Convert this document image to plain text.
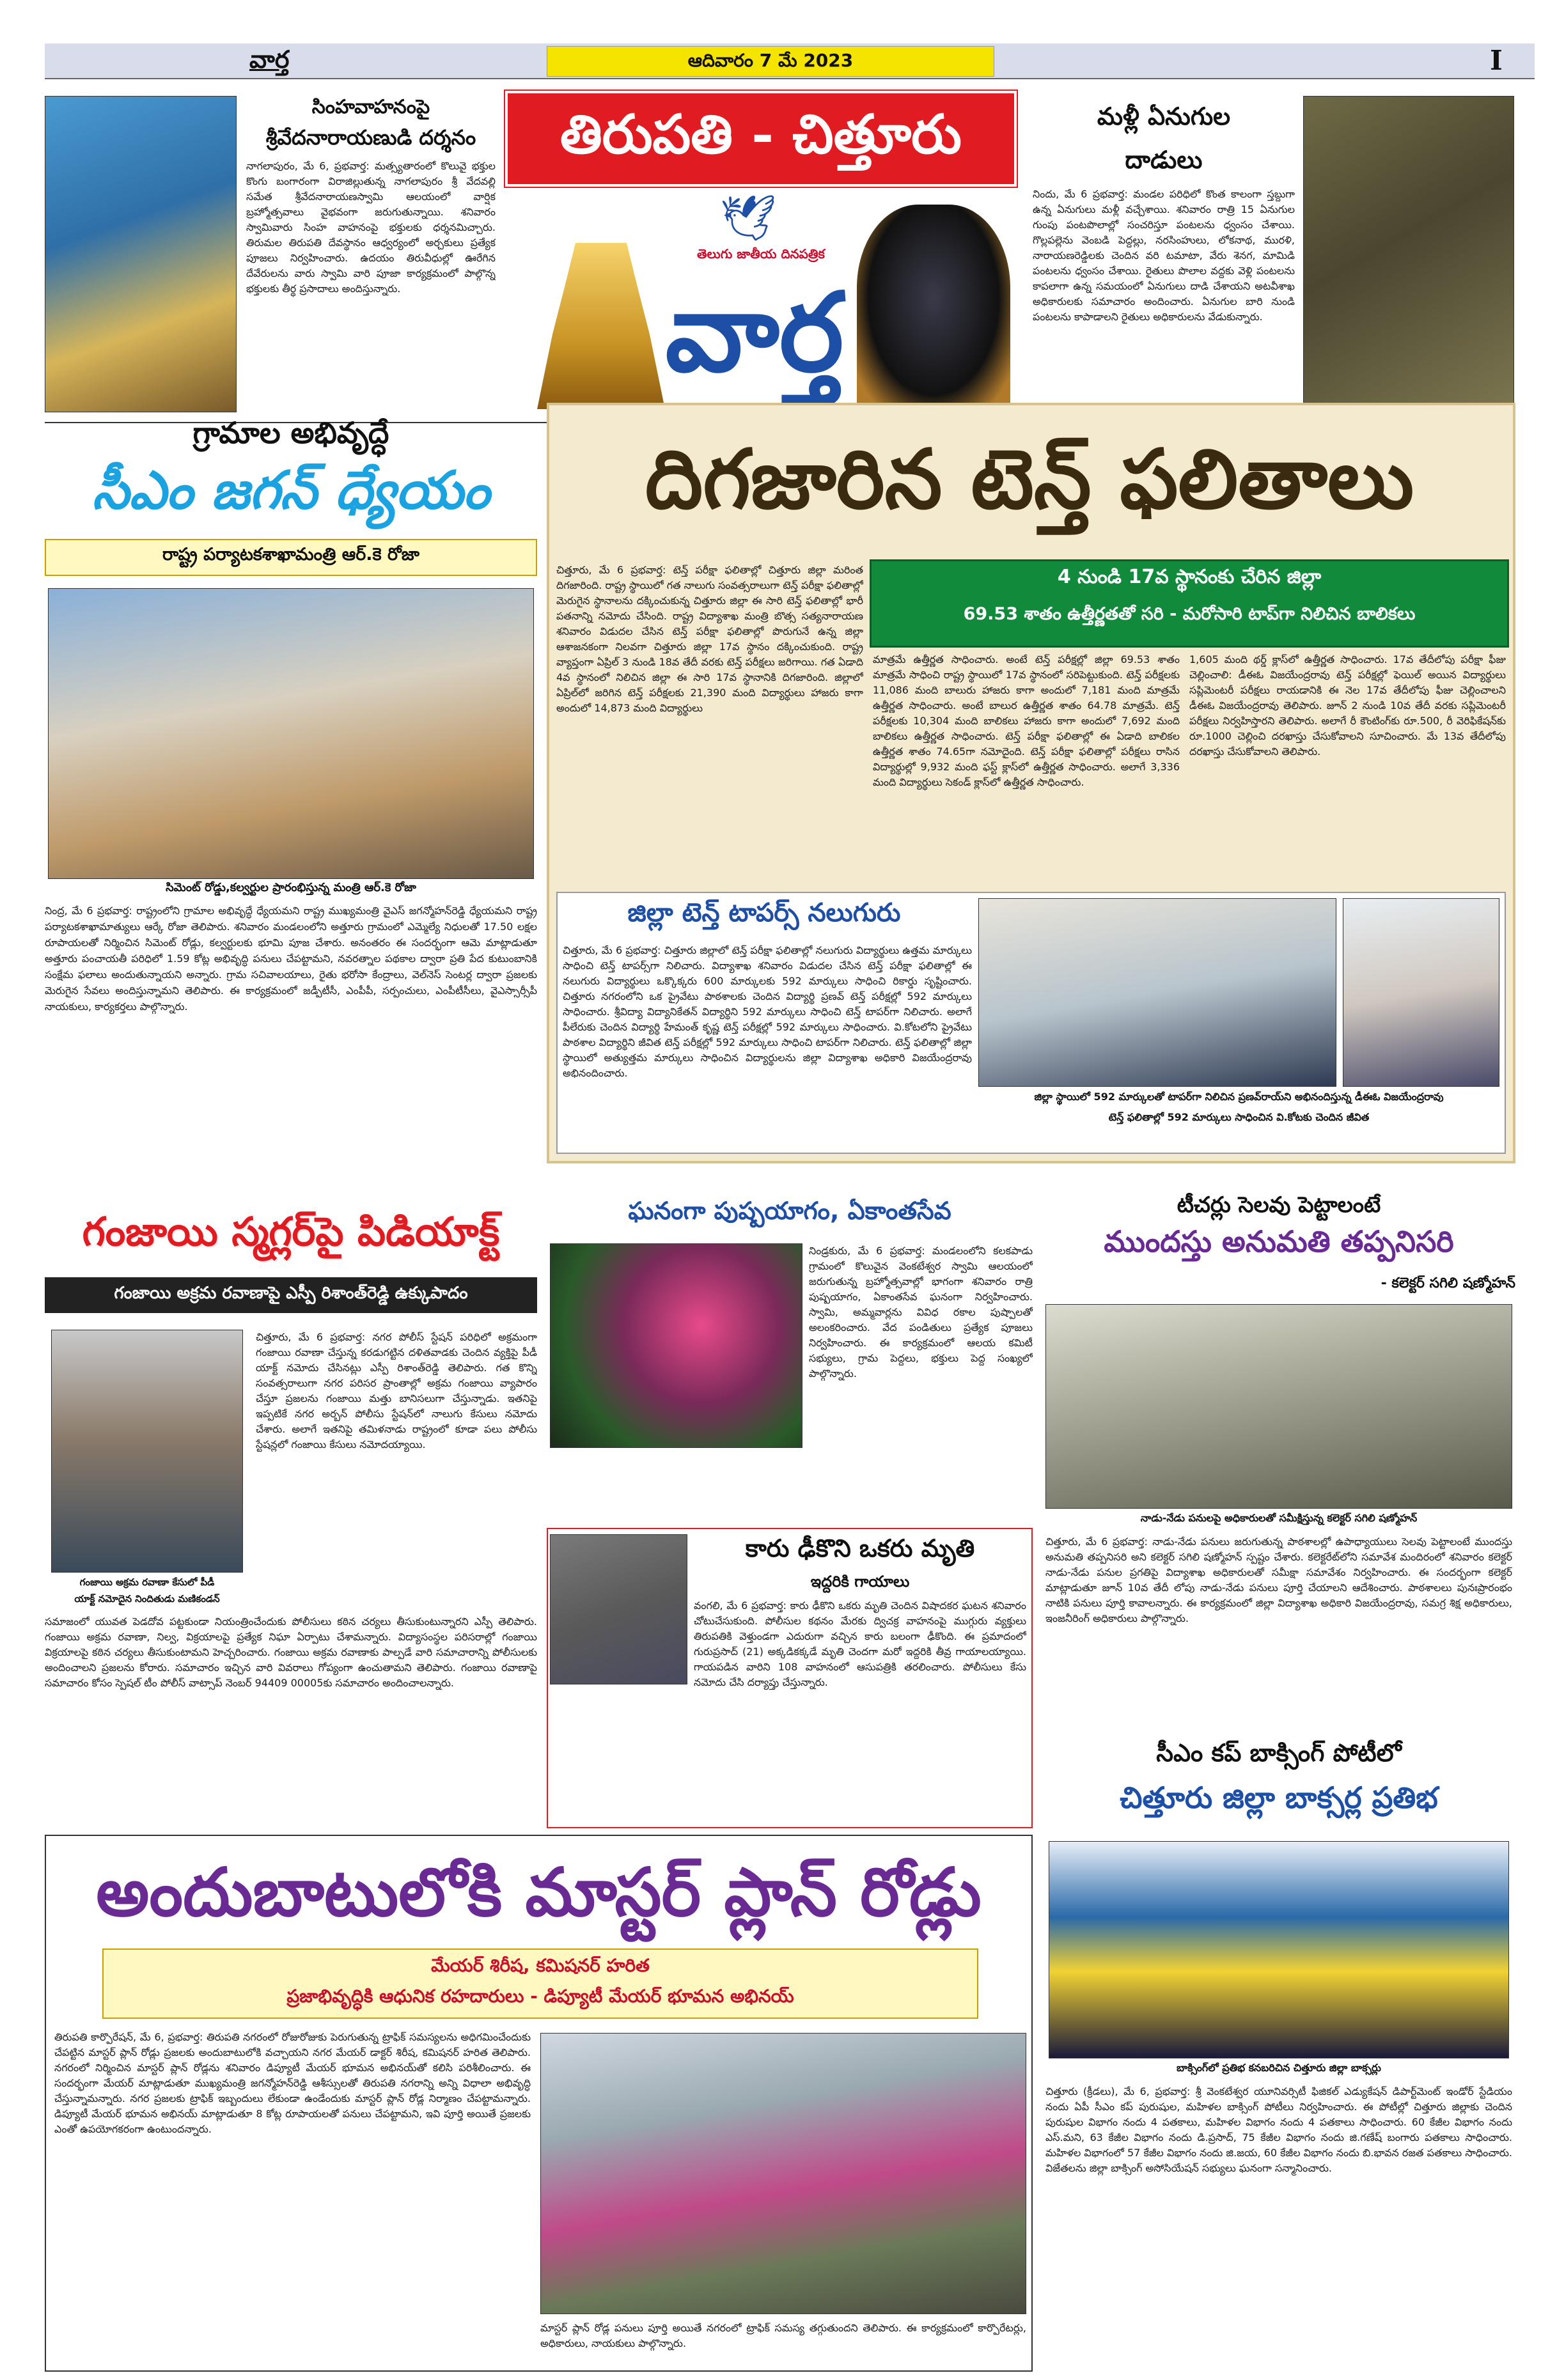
వార్త	ఆదివారం 7 మే 2023	I
సింహవాహనంపై
శ్రీవేదనారాయణుడి దర్శనం
నాగలాపురం, మే 6, ప్రభవార్త: మత్స్యతారంలో కొలువై భక్తుల కొంగు బంగారంగా విరాజిల్లుతున్న నాగలాపురం శ్రీ వేదవల్లి సమేత శ్రీవేదనారాయణస్వామి ఆలయంలో వార్షిక బ్రహ్మోత్సవాలు వైభవంగా జరుగుతున్నాయి. శనివారం స్వామివారు సింహ వాహనంపై భక్తులకు ధర్శనమిచ్చారు. తిరుమల తిరుపతి దేవస్థానం ఆధ్వర్యంలో అర్చకులు ప్రత్యేక పూజలు నిర్వహించారు. ఉదయం తిరువీధుల్లో ఊరేగిన దేవేరులను వారు స్వామి వారి పూజా కార్యక్రమంలో పాల్గొన్న భక్తులకు తీర్థ ప్రసాదాలు అందిస్తున్నారు.
తిరుపతి - చిత్తూరు
🕊
తెలుగు జాతీయ దినపత్రిక
వార్త
మళ్లీ ఏనుగుల
దాడులు
నిందు, మే 6 ప్రభవార్త: మండల పరిధిలో కొంత కాలంగా స్తబ్దుగా ఉన్న ఏనుగులు మళ్లీ వచ్చేశాయి. శనివారం రాత్రి 15 ఏనుగుల గుంపు పంటపొలాల్లో సంచరిస్తూ పంటలను ధ్వంసం చేశాయి. గొల్లపల్లెను వెంబడి పెద్దల్లు, నరసింహులు, లోకనాథ, మురళి, నారాయణరెడ్డిలకు చెందిన వరి టమాటా, వేరు శెనగ, మామిడి పంటలను ధ్వంసం చేశాయి. రైతులు పొలాల వద్దకు వెళ్లి పంటలను కాపలాగా ఉన్న సమయంలో ఏనుగులు దాడి చేశాయని అటవీశాఖ అధికారులకు సమాచారం అందించారు. ఏనుగుల బారి నుండి పంటలను కాపాడాలని రైతులు అధికారులను వేడుకున్నారు.
గ్రామాల అభివృద్ధే
సీఎం జగన్ ధ్యేయం
రాష్ట్ర పర్యాటకశాఖామంత్రి ఆర్.కె రోజా
సిమెంట్ రోడ్డు,కల్వర్టుల ప్రారంభిస్తున్న మంత్రి ఆర్.కె రోజా
నింద్ర, మే 6 ప్రభవార్త: రాష్ట్రంలోని గ్రామాల అభివృద్ధే ధ్యేయమని రాష్ట్ర ముఖ్యమంత్రి వైఎస్ జగన్మోహన్‌రెడ్డి ధ్యేయమని రాష్ట్ర పర్యాటకశాఖామాత్యులు ఆర్కే రోజా తెలిపారు. శనివారం మండలంలోని అత్తూరు గ్రామంలో ఎమ్మెల్యే నిధులతో 17.50 లక్షల రూపాయలతో నిర్మించిన సిమెంట్ రోడ్లు, కల్వర్టులకు భూమి పూజ చేశారు. అనంతరం ఈ సందర్భంగా ఆమె మాట్లాడుతూ అత్తూరు పంచాయతీ పరిధిలో 1.59 కోట్ల అభివృద్ధి పనులు చేపట్టామని, నవరత్నాల పథకాల ద్వారా ప్రతి పేద కుటుంబానికి సంక్షేమ ఫలాలు అందుతున్నాయని అన్నారు. గ్రామ సచివాలయాలు, రైతు భరోసా కేంద్రాలు, వెల్‌నెస్ సెంటర్ల ద్వారా ప్రజలకు మెరుగైన సేవలు అందిస్తున్నామని తెలిపారు. ఈ కార్యక్రమంలో జడ్పీటీసీ, ఎంపీపీ, సర్పంచులు, ఎంపీటీసీలు, వైఎస్సార్సీపీ నాయకులు, కార్యకర్తలు పాల్గొన్నారు.
దిగజారిన టెన్త్ ఫలితాలు
చిత్తూరు, మే 6 ప్రభవార్త: టెన్త్ పరీక్షా ఫలితాల్లో చిత్తూరు జిల్లా మరింత దిగజారింది. రాష్ట్ర స్థాయిలో గత నాలుగు సంవత్సరాలుగా టెన్త్ పరీక్షా ఫలితాల్లో మెరుగైన స్థానాలను దక్కించుకున్న చిత్తూరు జిల్లా ఈ సారి టెన్త్ ఫలితాల్లో భారీ పతనాన్ని నమోదు చేసింది. రాష్ట్ర విద్యాశాఖ మంత్రి బొత్స సత్యనారాయణ శనివారం విడుదల చేసిన టెన్త్ పరీక్షా ఫలితాల్లో పొరుగునే ఉన్న జిల్లా ఆశాజనకంగా నిలవగా చిత్తూరు జిల్లా 17వ స్థానం దక్కించుకుంది. రాష్ట్ర వ్యాప్తంగా ఏప్రిల్ 3 నుండి 18వ తేదీ వరకు టెన్త్ పరీక్షలు జరిగాయి. గత ఏడాది 4వ స్థానంలో నిలిచిన జిల్లా ఈ సారి 17వ స్థానానికి దిగజారింది. జిల్లాలో ఏప్రిల్‌లో జరిగిన టెన్త్ పరీక్షలకు 21,390 మంది విద్యార్థులు హాజరు కాగా అందులో 14,873 మంది విద్యార్థులు
4 నుండి 17వ స్థానంకు చేరిన జిల్లా
69.53 శాతం ఉత్తీర్ణతతో సరి - మరోసారి టాప్‌గా నిలిచిన బాలికలు
మాత్రమే ఉత్తీర్ణత సాధించారు. అంటే టెన్త్ పరీక్షల్లో జిల్లా 69.53 శాతం మాత్రమే సాధించి రాష్ట్ర స్థాయిలో 17వ స్థానంలో సరిపెట్టుకుంది. టెన్త్ పరీక్షలకు 11,086 మంది బాలురు హాజరు కాగా అందులో 7,181 మంది మాత్రమే ఉత్తీర్ణత సాధించారు. అంటే బాలుర ఉత్తీర్ణత శాతం 64.78 మాత్రమే. టెన్త్ పరీక్షలకు 10,304 మంది బాలికలు హాజరు కాగా అందులో 7,692 మంది బాలికలు ఉత్తీర్ణత సాధించారు. టెన్త్ పరీక్షా ఫలితాల్లో ఈ ఏడాది బాలికల ఉత్తీర్ణత శాతం 74.65గా నమోదైంది. టెన్త్ పరీక్షా ఫలితాల్లో పరీక్షలు రాసిన విద్యార్థుల్లో 9,932 మంది ఫస్ట్ క్లాస్‌లో ఉత్తీర్ణత సాధించారు. అలాగే 3,336 మంది విద్యార్థులు సెకండ్ క్లాస్‌లో ఉత్తీర్ణత సాధించారు.
1,605 మంది థర్డ్ క్లాస్‌లో ఉత్తీర్ణత సాధించారు. 17వ తేదీలోపు పరీక్షా ఫీజు చెల్లించాలి: డీఈఓ విజయేంద్రరావు టెన్త్ పరీక్షల్లో ఫెయిల్ అయిన విద్యార్థులు సప్లిమెంటరీ పరీక్షలు రాయడానికి ఈ నెల 17వ తేదీలోపు ఫీజు చెల్లించాలని డీఈఓ విజయేంద్రరావు తెలిపారు. జూన్ 2 నుండి 10వ తేదీ వరకు సప్లిమెంటరీ పరీక్షలు నిర్వహిస్తారని తెలిపారు. అలాగే రీ కౌంటింగ్‌కు రూ.500, రీ వెరిఫికేషన్‌కు రూ.1000 చెల్లించి దరఖాస్తు చేసుకోవాలని సూచించారు. మే 13వ తేదీలోపు దరఖాస్తు చేసుకోవాలని తెలిపారు.
జిల్లా టెన్త్ టాపర్స్ నలుగురు
చిత్తూరు, మే 6 ప్రభవార్త: చిత్తూరు జిల్లాలో టెన్త్ పరీక్షా ఫలితాల్లో నలుగురు విద్యార్థులు ఉత్తమ మార్కులు సాధించి టెన్త్ టాపర్స్‌గా నిలిచారు. విద్యాశాఖ శనివారం విడుదల చేసిన టెన్త్ పరీక్షా ఫలితాల్లో ఈ నలుగురు విద్యార్థులు ఒక్కొక్కరు 600 మార్కులకు 592 మార్కులు సాధించి రికార్డు సృష్టించారు. చిత్తూరు నగరంలోని ఒక ప్రైవేటు పాఠశాలకు చెందిన విద్యార్థి ప్రణవ్ టెన్త్ పరీక్షల్లో 592 మార్కులు సాధించారు. శ్రీవిద్యా విద్యానికేతన్ విద్యార్థిని 592 మార్కులు సాధించి టెన్త్ టాపర్‌గా నిలిచారు. అలాగే పీలేరుకు చెందిన విద్యార్థి హేమంత్ కృష్ణ టెన్త్ పరీక్షల్లో 592 మార్కులు సాధించారు. వి.కోటలోని ప్రైవేటు పాఠశాల విద్యార్థిని జీవిత టెన్త్ పరీక్షల్లో 592 మార్కులు సాధించి టాపర్‌గా నిలిచారు. టెన్త్ ఫలితాల్లో జిల్లా స్థాయిలో అత్యుత్తమ మార్కులు సాధించిన విద్యార్థులను జిల్లా విద్యాశాఖ అధికారి విజయేంద్రరావు అభినందించారు.
జిల్లా స్థాయిలో 592 మార్కులతో టాపర్‌గా నిలిచిన ప్రణవ్‌రాయ్‌ని అభినందిస్తున్న డీఈఓ విజయేంద్రరావు
టెన్త్ ఫలితాల్లో 592 మార్కులు సాధించిన వి.కోటకు చెందిన జీవిత
గంజాయి స్మగ్లర్‌పై పిడియాక్ట్
గంజాయి అక్రమ రవాణాపై ఎస్పీ రిశాంత్‌రెడ్డి ఉక్కుపాదం
గంజాయి అక్రమ రవాణా కేసులో పీడీ
యాక్ట్ నమోదైన నిందితుడు మణికండన్
చిత్తూరు, మే 6 ప్రభవార్త: నగర పోలీస్ స్టేషన్ పరిధిలో అక్రమంగా గంజాయి రవాణా చేస్తున్న కరడుగట్టిన దళితవాడకు చెందిన వ్యక్తిపై పీడీ యాక్ట్ నమోదు చేసినట్లు ఎస్పీ రిశాంత్‌రెడ్డి తెలిపారు. గత కొన్ని సంవత్సరాలుగా నగర పరిసర ప్రాంతాల్లో అక్రమ గంజాయి వ్యాపారం చేస్తూ ప్రజలను గంజాయి మత్తు బానిసలుగా చేస్తున్నాడు. ఇతనిపై ఇప్పటికే నగర అర్బన్ పోలీసు స్టేషన్‌లో నాలుగు కేసులు నమోదు చేశారు. అలాగే ఇతనిపై తమిళనాడు రాష్ట్రంలో కూడా పలు పోలీసు స్టేషన్లలో గంజాయి కేసులు నమోదయ్యాయి.
సమాజంలో యువత పెడదోవ పట్టకుండా నియంత్రించేందుకు పోలీసులు కఠిన చర్యలు తీసుకుంటున్నారని ఎస్పీ తెలిపారు. గంజాయి అక్రమ రవాణా, నిల్వ, విక్రయాలపై ప్రత్యేక నిఘా ఏర్పాటు చేశామన్నారు. విద్యాసంస్థల పరిసరాల్లో గంజాయి విక్రయాలపై కఠిన చర్యలు తీసుకుంటామని హెచ్చరించారు. గంజాయి అక్రమ రవాణాకు పాల్పడే వారి సమాచారాన్ని పోలీసులకు అందించాలని ప్రజలను కోరారు. సమాచారం ఇచ్చిన వారి వివరాలు గోప్యంగా ఉంచుతామని తెలిపారు. గంజాయి రవాణాపై సమాచారం కోసం స్పెషల్ టీం పోలీస్ వాట్సాప్ నెంబర్ 94409 00005కు సమాచారం అందించాలన్నారు.
ఘనంగా పుష్పయాగం, ఏకాంతసేవ
నిండ్రకురు, మే 6 ప్రభవార్త: మండలంలోని కలకపాడు గ్రామంలో కొలువైన వెంకటేశ్వర స్వామి ఆలయంలో జరుగుతున్న బ్రహ్మోత్సవాల్లో భాగంగా శనివారం రాత్రి పుష్పయాగం, ఏకాంతసేవ ఘనంగా నిర్వహించారు. స్వామి, అమ్మవార్లను వివిధ రకాల పుష్పాలతో అలంకరించారు. వేద పండితులు ప్రత్యేక పూజలు నిర్వహించారు. ఈ కార్యక్రమంలో ఆలయ కమిటీ సభ్యులు, గ్రామ పెద్దలు, భక్తులు పెద్ద సంఖ్యలో పాల్గొన్నారు.
కారు ఢీకొని ఒకరు మృతి
ఇద్దరికి గాయాలు
వంగలి, మే 6 ప్రభవార్త: కారు ఢీకొని ఒకరు మృతి చెందిన విషాదకర ఘటన శనివారం చోటుచేసుకుంది. పోలీసుల కథనం మేరకు ద్విచక్ర వాహనంపై ముగ్గురు వ్యక్తులు తిరుపతికి వెళ్తుండగా ఎదురుగా వచ్చిన కారు బలంగా ఢీకొంది. ఈ ప్రమాదంలో గురుప్రసాద్ (21) అక్కడికక్కడే మృతి చెందగా మరో ఇద్దరికి తీవ్ర గాయాలయ్యాయి. గాయపడిన వారిని 108 వాహనంలో ఆసుపత్రికి తరలించారు. పోలీసులు కేసు నమోదు చేసి దర్యాప్తు చేస్తున్నారు.
టీచర్లు సెలవు పెట్టాలంటే
ముందస్తు అనుమతి తప్పనిసరి
- కలెక్టర్ సగిలి షణ్మోహన్
నాడు-నేడు పనులపై అధికారులతో సమీక్షిస్తున్న కలెక్టర్ సగిలి షణ్మోహన్
చిత్తూరు, మే 6 ప్రభవార్త: నాడు-నేడు పనులు జరుగుతున్న పాఠశాలల్లో ఉపాధ్యాయులు సెలవు పెట్టాలంటే ముందస్తు అనుమతి తప్పనిసరి అని కలెక్టర్ సగిలి షణ్మోహన్ స్పష్టం చేశారు. కలెక్టరేట్‌లోని సమావేశ మందిరంలో శనివారం కలెక్టర్ నాడు-నేడు పనుల ప్రగతిపై విద్యాశాఖ అధికారులతో సమీక్షా సమావేశం నిర్వహించారు. ఈ సందర్భంగా కలెక్టర్ మాట్లాడుతూ జూన్ 10వ తేదీ లోపు నాడు-నేడు పనులు పూర్తి చేయాలని ఆదేశించారు. పాఠశాలలు పునఃప్రారంభం నాటికి పనులు పూర్తి కావాలన్నారు. ఈ కార్యక్రమంలో జిల్లా విద్యాశాఖ అధికారి విజయేంద్రరావు, సమగ్ర శిక్ష అధికారులు, ఇంజనీరింగ్ అధికారులు పాల్గొన్నారు.
సీఎం కప్ బాక్సింగ్ పోటీలో
చిత్తూరు జిల్లా బాక్సర్ల ప్రతిభ
బాక్సింగ్‌లో ప్రతిభ కనబరిచిన చిత్తూరు జిల్లా బాక్సర్లు
చిత్తూరు (క్రీడలు), మే 6, ప్రభవార్త: శ్రీ వెంకటేశ్వర యూనివర్సిటీ ఫిజికల్ ఎడ్యుకేషన్ డిపార్ట్‌మెంట్ ఇండోర్ స్టేడియం నందు ఏపీ సీఎం కప్ పురుషుల, మహిళల బాక్సింగ్ పోటీలు నిర్వహించారు. ఈ పోటీల్లో చిత్తూరు జిల్లాకు చెందిన పురుషుల విభాగం నందు 4 పతకాలు, మహిళల విభాగం నందు 4 పతకాలు సాధించారు. 60 కేజీల విభాగం నందు ఎస్.మని, 63 కేజీల విభాగం నందు డి.ప్రసాద్, 75 కేజీల విభాగం నందు జి.గణేష్ బంగారు పతకాలు సాధించారు. మహిళల విభాగంలో 57 కేజీల విభాగం నందు జి.జయ, 60 కేజీల విభాగం నందు బి.భావన రజత పతకాలు సాధించారు. విజేతలను జిల్లా బాక్సింగ్ అసోసియేషన్ సభ్యులు ఘనంగా సన్మానించారు.
అందుబాటులోకి మాస్టర్ ప్లాన్ రోడ్లు
మేయర్ శిరీష, కమిషనర్ హరిత
ప్రజాభివృద్ధికి ఆధునిక రహదారులు - డిప్యూటీ మేయర్ భూమన అభినయ్
తిరుపతి కార్పొరేషన్, మే 6, ప్రభవార్త: తిరుపతి నగరంలో రోజురోజుకు పెరుగుతున్న ట్రాఫిక్ సమస్యలను అధిగమించేందుకు చేపట్టిన మాస్టర్ ప్లాన్ రోడ్లు ప్రజలకు అందుబాటులోకి వచ్చాయని నగర మేయర్ డాక్టర్ శిరీష, కమిషనర్ హరిత తెలిపారు. నగరంలో నిర్మించిన మాస్టర్ ప్లాన్ రోడ్లను శనివారం డిప్యూటీ మేయర్ భూమన అభినయ్‌తో కలిసి పరిశీలించారు. ఈ సందర్భంగా మేయర్ మాట్లాడుతూ ముఖ్యమంత్రి జగన్మోహన్‌రెడ్డి ఆశీస్సులతో తిరుపతి నగరాన్ని అన్ని విధాలా అభివృద్ధి చేస్తున్నామన్నారు. నగర ప్రజలకు ట్రాఫిక్ ఇబ్బందులు లేకుండా ఉండేందుకు మాస్టర్ ప్లాన్ రోడ్ల నిర్మాణం చేపట్టామన్నారు. డిప్యూటీ మేయర్ భూమన అభినయ్ మాట్లాడుతూ 8 కోట్ల రూపాయలతో పనులు చేపట్టామని, ఇవి పూర్తి అయితే ప్రజలకు ఎంతో ఉపయోగకరంగా ఉంటుందన్నారు.
మాస్టర్ ప్లాన్ రోడ్ల పనులు పూర్తి అయితే నగరంలో ట్రాఫిక్ సమస్య తగ్గుతుందని తెలిపారు. ఈ కార్యక్రమంలో కార్పొరేటర్లు, అధికారులు, నాయకులు పాల్గొన్నారు.
